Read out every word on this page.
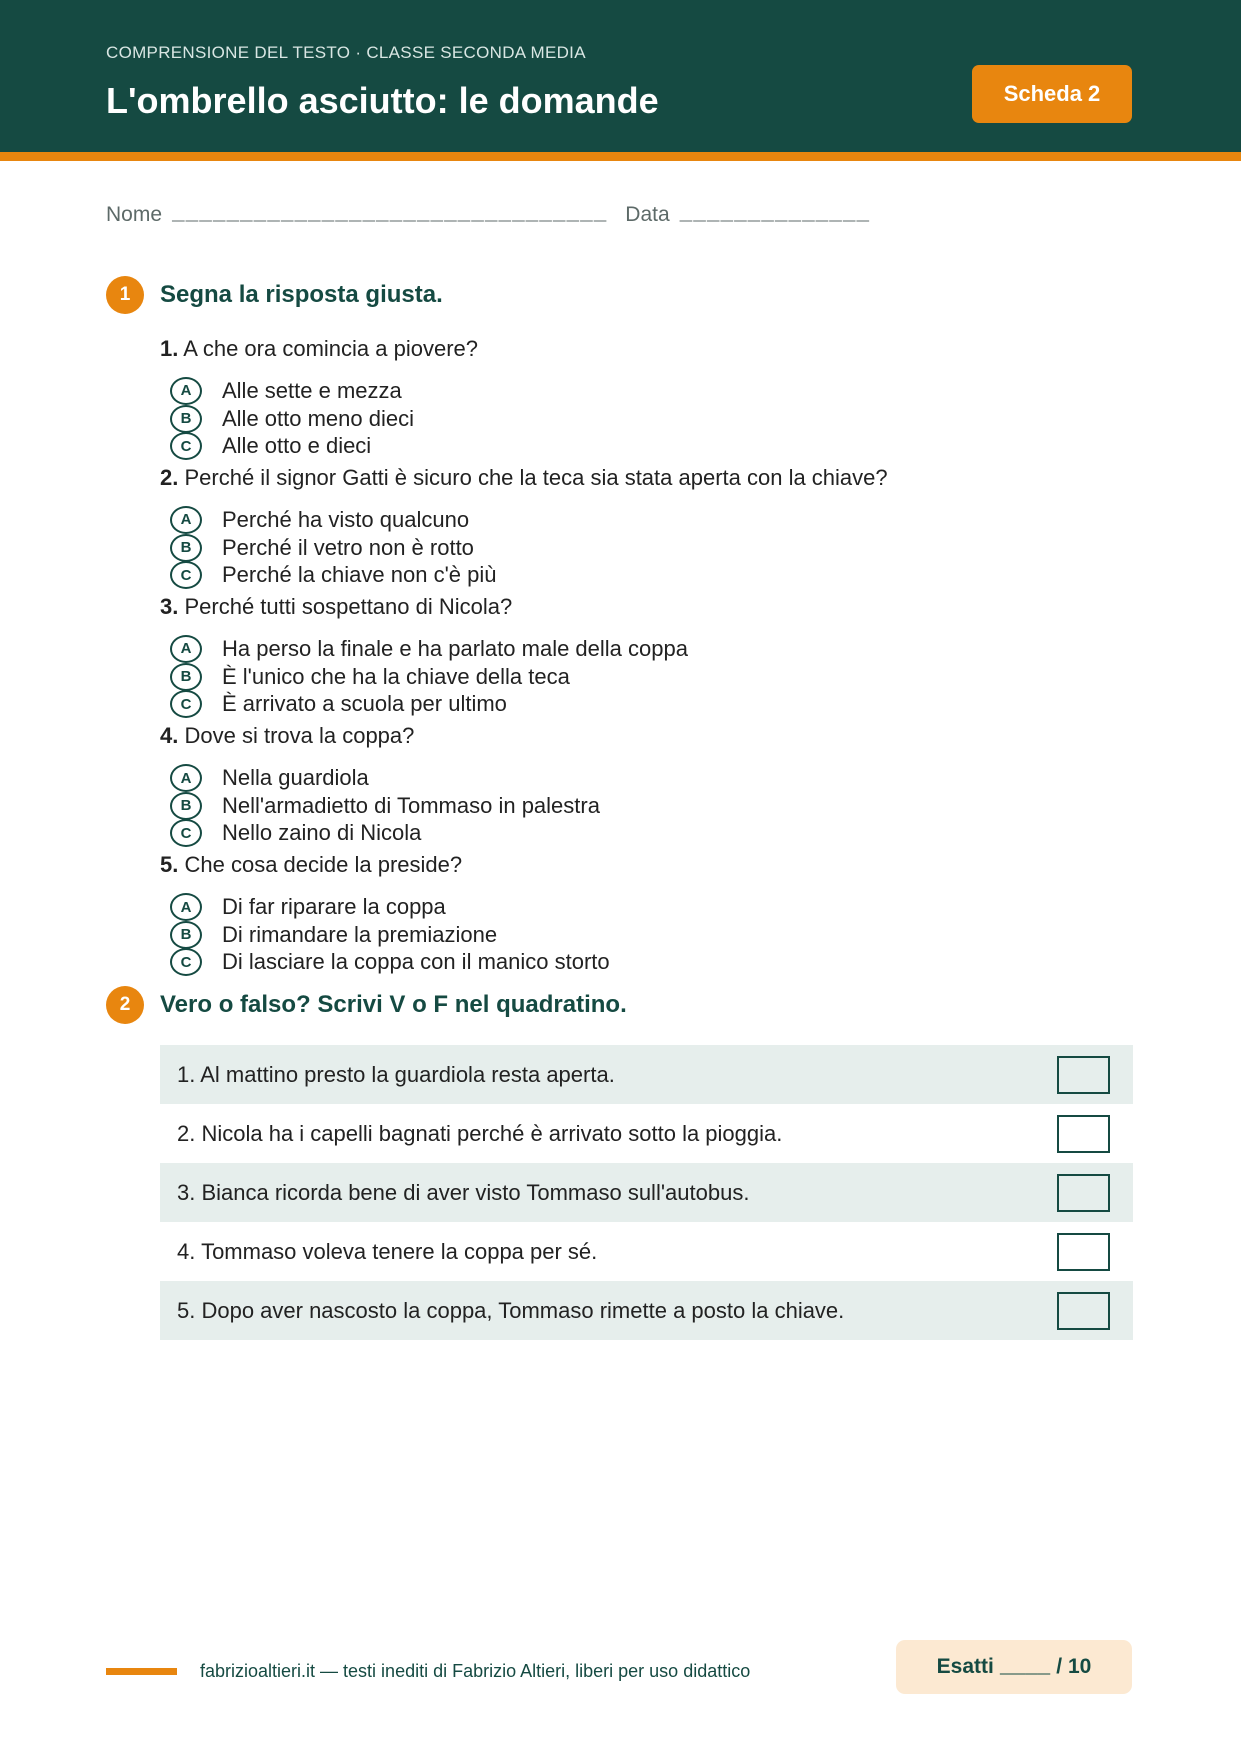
COMPRENSIONE DEL TESTO · CLASSE SECONDA MEDIA
L'ombrello asciutto: le domande	Scheda 2
Nome ________________________________ Data ______________
1	Segna la risposta giusta.
1. A che ora comincia a piovere?
A	Alle sette e mezza
B	Alle otto meno dieci
C	Alle otto e dieci
2. Perché il signor Gatti è sicuro che la teca sia stata aperta con la chiave?
A	Perché ha visto qualcuno
B	Perché il vetro non è rotto
C	Perché la chiave non c'è più
3. Perché tutti sospettano di Nicola?
A	Ha perso la finale e ha parlato male della coppa
B	È l'unico che ha la chiave della teca
C	È arrivato a scuola per ultimo
4. Dove si trova la coppa?
A	Nella guardiola
B	Nell'armadietto di Tommaso in palestra
C	Nello zaino di Nicola
5. Che cosa decide la preside?
A	Di far riparare la coppa
B	Di rimandare la premiazione
C	Di lasciare la coppa con il manico storto
2	Vero o falso? Scrivi V o F nel quadratino.
1. Al mattino presto la guardiola resta aperta.
2. Nicola ha i capelli bagnati perché è arrivato sotto la pioggia.
3. Bianca ricorda bene di aver visto Tommaso sull'autobus.
4. Tommaso voleva tenere la coppa per sé.
5. Dopo aver nascosto la coppa, Tommaso rimette a posto la chiave.
fabrizioaltieri.it — testi inediti di Fabrizio Altieri, liberi per uso didattico	Esatti ____ / 10
